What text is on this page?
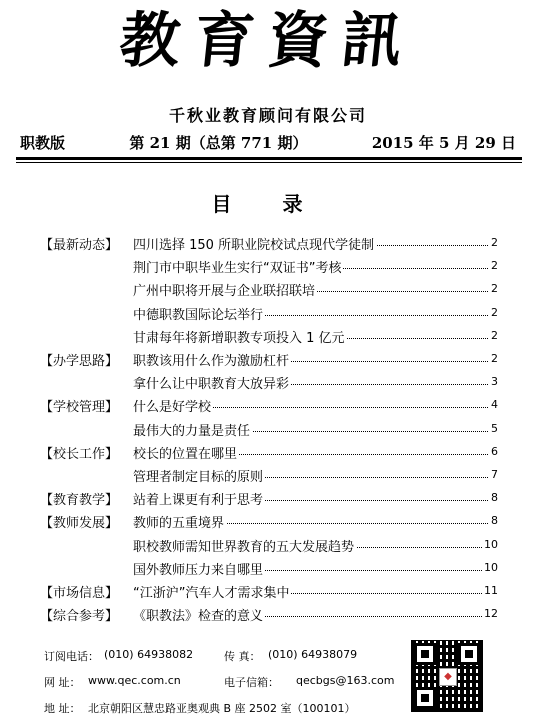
教育資訊
千秋业教育顾问有限公司
职教版	第 21 期（总第 771 期）	2015 年 5 月 29 日
目 录
【最新动态】 四川选择 150 所职业院校试点现代学徒制	2
荆门市中职毕业生实行“双证书”考核	2
广州中职将开展与企业联招联培	2
中德职教国际论坛举行	2
甘肃每年将新增职教专项投入 1 亿元	2
【办学思路】 职教该用什么作为激励杠杆	2
拿什么让中职教育大放异彩	3
【学校管理】 什么是好学校	4
最伟大的力量是责任	5
【校长工作】 校长的位置在哪里	6
管理者制定目标的原则	7
【教育教学】 站着上课更有利于思考	8
【教师发展】 教师的五重境界	8
职校教师需知世界教育的五大发展趋势	10
国外教师压力来自哪里	10
【市场信息】 “江浙沪”汽车人才需求集中	11
【综合参考】 《职教法》检查的意义	12
订阅电话： (010) 64938082	传 真： (010) 64938079
网 址： www.qec.com.cn	电子信箱： qecbgs@163.com
地 址： 北京朝阳区慧忠路亚奥观典 B 座 2502 室（100101）
◆
